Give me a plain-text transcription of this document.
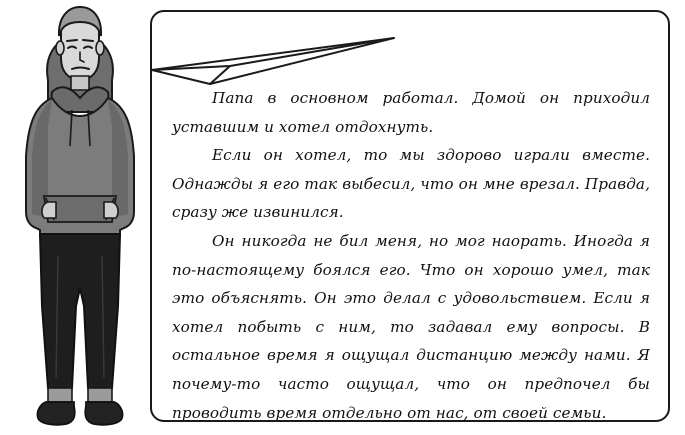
Папа в основном работал. Домой он приходил уставшим и хотел отдохнуть.

Если он хотел, то мы здорово играли вместе. Однажды я его так выбесил, что он мне врезал. Правда, сразу же извинился.

Он никогда не бил меня, но мог наорать. Иногда я по-настоящему боялся его. Что он хорошо умел, так это объяснять. Он это делал с удовольствием. Если я хотел побыть с ним, то задавал ему вопросы. В остальное время я ощущал дистанцию между нами. Я почему-то часто ощущал, что он предпочел бы проводить время отдельно от нас, от своей семьи.
